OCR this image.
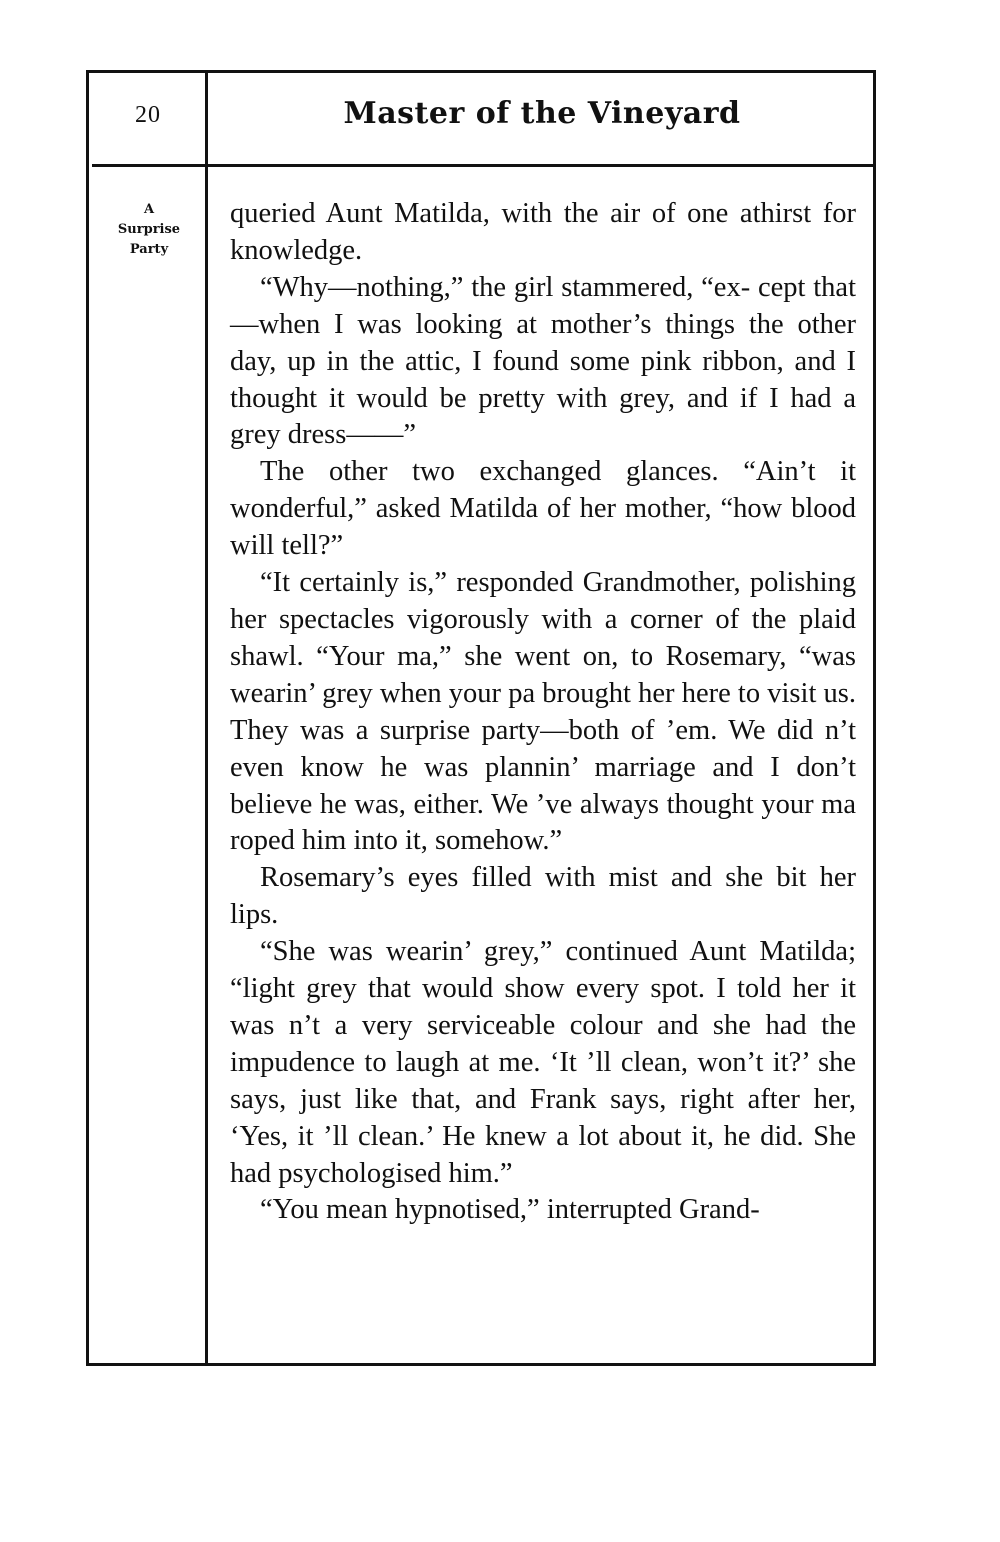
20	Master of the Vineyard
A
Surprise
Party

queried Aunt Matilda, with the air of one athirst for knowledge.

“Why—nothing,” the girl stammered, “ex- cept that—when I was looking at mother’s things the other day, up in the attic, I found some pink ribbon, and I thought it would be pretty with grey, and if I had a grey dress——”

The other two exchanged glances. “Ain’t it wonderful,” asked Matilda of her mother, “how blood will tell?”

“It certainly is,” responded Grandmother, polishing her spectacles vigorously with a corner of the plaid shawl. “Your ma,” she went on, to Rosemary, “was wearin’ grey when your pa brought her here to visit us. They was a surprise party—both of ’em. We did n’t even know he was plannin’ marriage and I don’t believe he was, either. We ’ve always thought your ma roped him into it, somehow.”

Rosemary’s eyes filled with mist and she bit her lips.

“She was wearin’ grey,” continued Aunt Matilda; “light grey that would show every spot. I told her it was n’t a very serviceable colour and she had the impudence to laugh at me. ‘It ’ll clean, won’t it?’ she says, just like that, and Frank says, right after her, ‘Yes, it ’ll clean.’ He knew a lot about it, he did. She had psychologised him.”

“You mean hypnotised,” interrupted Grand-
